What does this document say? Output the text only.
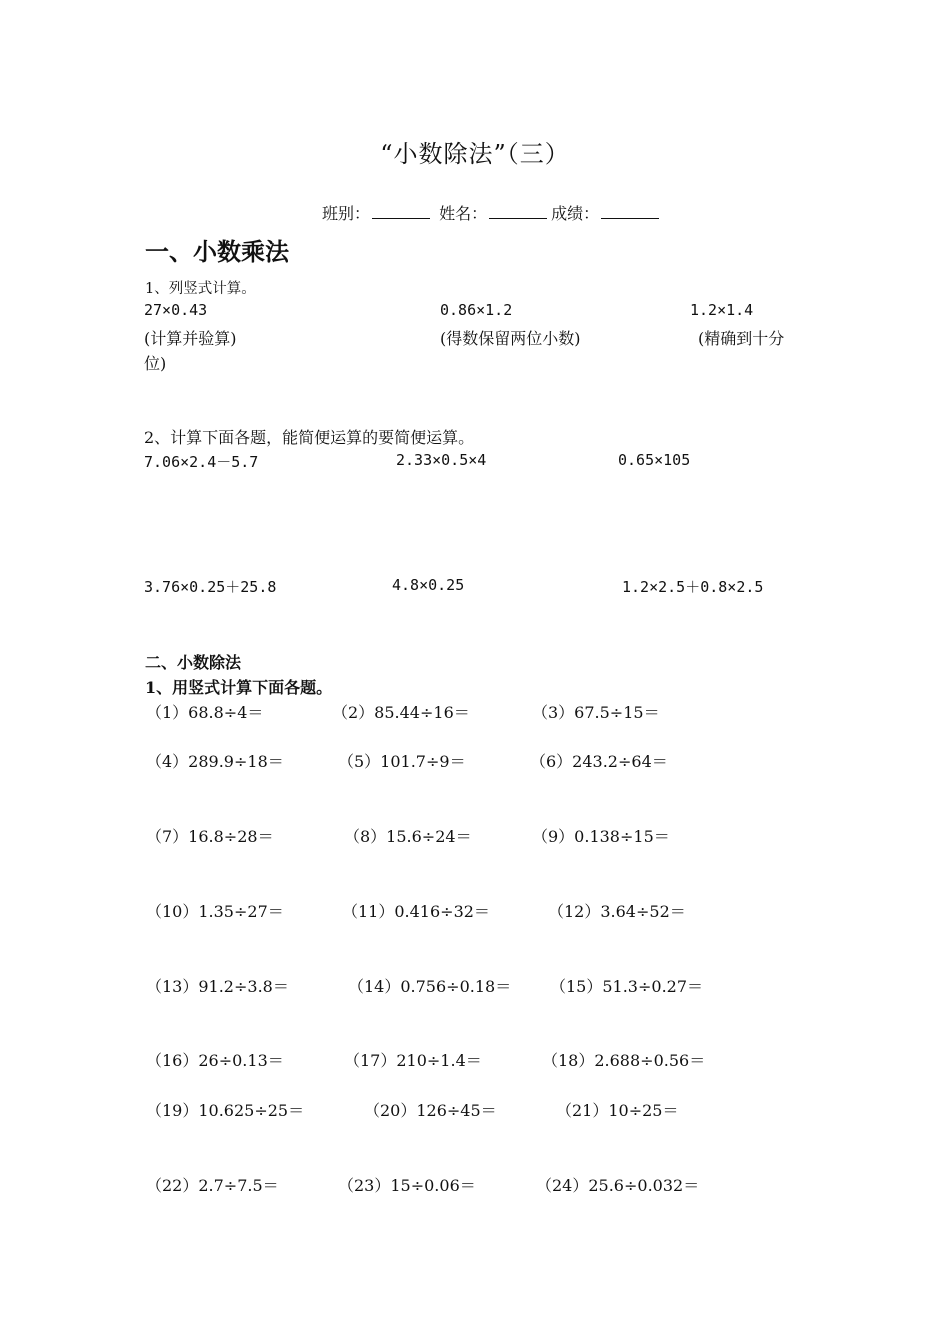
“小数除法”（三）
班别：	姓名：	成绩：
一、小数乘法
1、列竖式计算。
27×0.43	0.86×1.2	1.2×1.4
(计算并验算)	(得数保留两位小数)	(精确到十分
位)
2、计算下面各题，能简便运算的要简便运算。
7.06×2.4－5.7	2.33×0.5×4	0.65×105
3.76×0.25＋25.8	4.8×0.25	1.2×2.5＋0.8×2.5
二、小数除法
1、用竖式计算下面各题。
（1）68.8÷4＝	（2）85.44÷16＝	（3）67.5÷15＝
（4）289.9÷18＝	（5）101.7÷9＝	（6）243.2÷64＝
（7）16.8÷28＝	（8）15.6÷24＝	（9）0.138÷15＝
（10）1.35÷27＝	（11）0.416÷32＝	（12）3.64÷52＝
（13）91.2÷3.8＝	（14）0.756÷0.18＝ （15）51.3÷0.27＝
（16）26÷0.13＝	（17）210÷1.4＝	（18）2.688÷0.56＝
（19）10.625÷25＝	（20）126÷45＝	（21）10÷25＝
（22）2.7÷7.5＝	（23）15÷0.06＝	（24）25.6÷0.032＝
